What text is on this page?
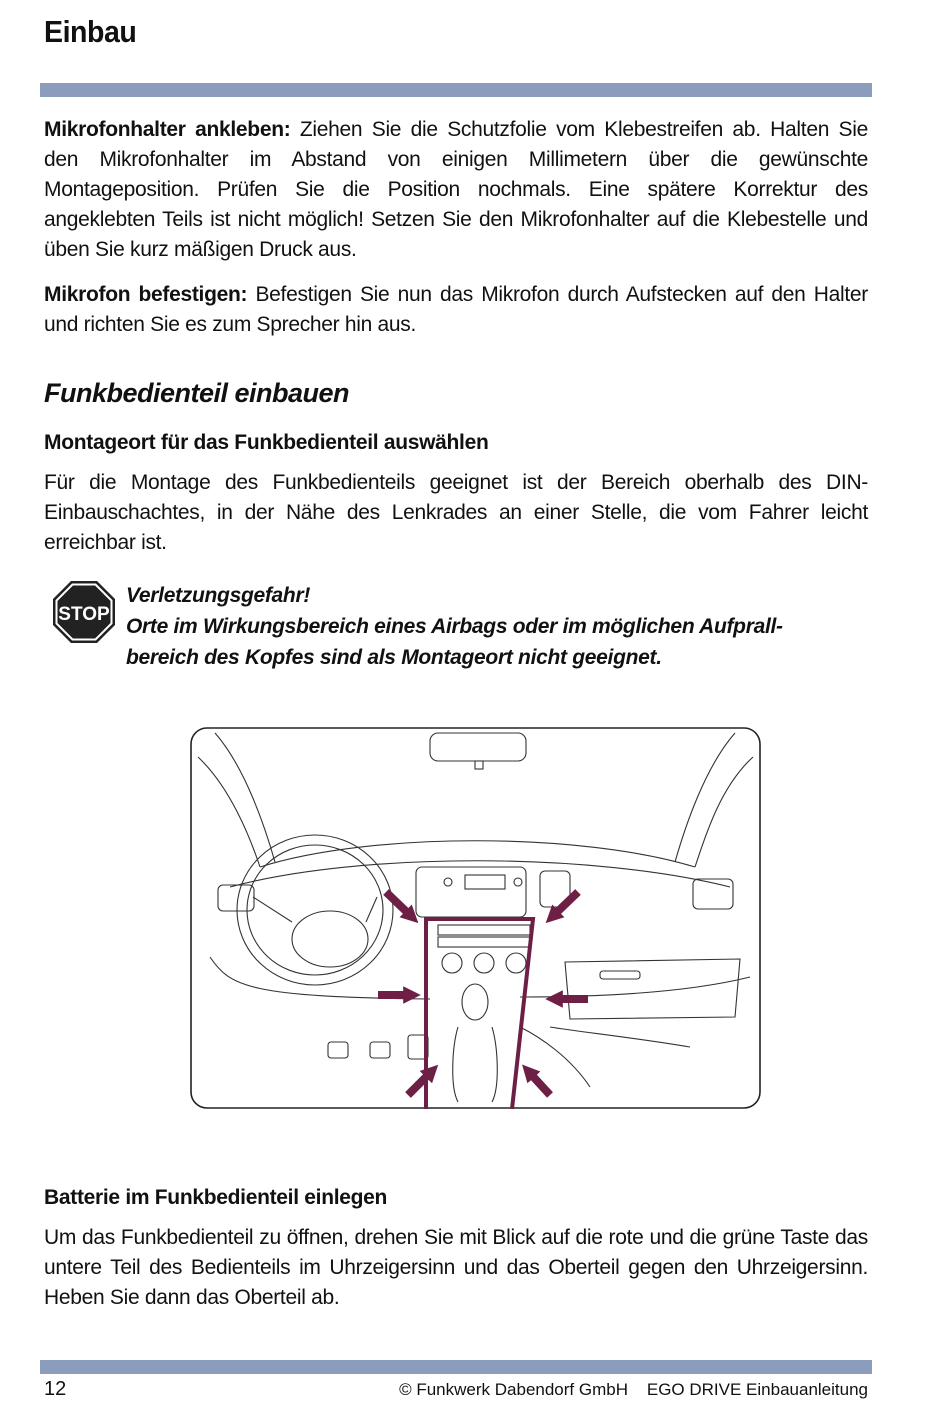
Einbau

Mikrofonhalter ankleben: Ziehen Sie die Schutzfolie vom Klebestreifen ab. Halten Sie den Mikrofonhalter im Abstand von einigen Millimetern über die gewünschte Montageposition. Prüfen Sie die Position nochmals. Eine spätere Korrektur des angeklebten Teils ist nicht möglich! Setzen Sie den Mikrofonhalter auf die Klebestelle und üben Sie kurz mäßigen Druck aus.

Mikrofon befestigen: Befestigen Sie nun das Mikrofon durch Aufstecken auf den Halter und richten Sie es zum Sprecher hin aus.

Funkbedienteil einbauen
Montageort für das Funkbedienteil auswählen

Für die Montage des Funkbedienteils geeignet ist der Bereich oberhalb des DIN-Einbauschachtes, in der Nähe des Lenkrades an einer Stelle, die vom Fahrer leicht erreichbar ist.

STOP
Verletzungsgefahr!
Orte im Wirkungsbereich eines Airbags oder im möglichen Aufprall-
bereich des Kopfes sind als Montageort nicht geeignet.
Batterie im Funkbedienteil einlegen

Um das Funkbedienteil zu öffnen, drehen Sie mit Blick auf die rote und die grüne Taste das untere Teil des Bedienteils im Uhrzeigersinn und das Oberteil gegen den Uhrzeigersinn. Heben Sie dann das Oberteil ab.

12	© Funkwerk Dabendorf GmbH    EGO DRIVE Einbauanleitung
